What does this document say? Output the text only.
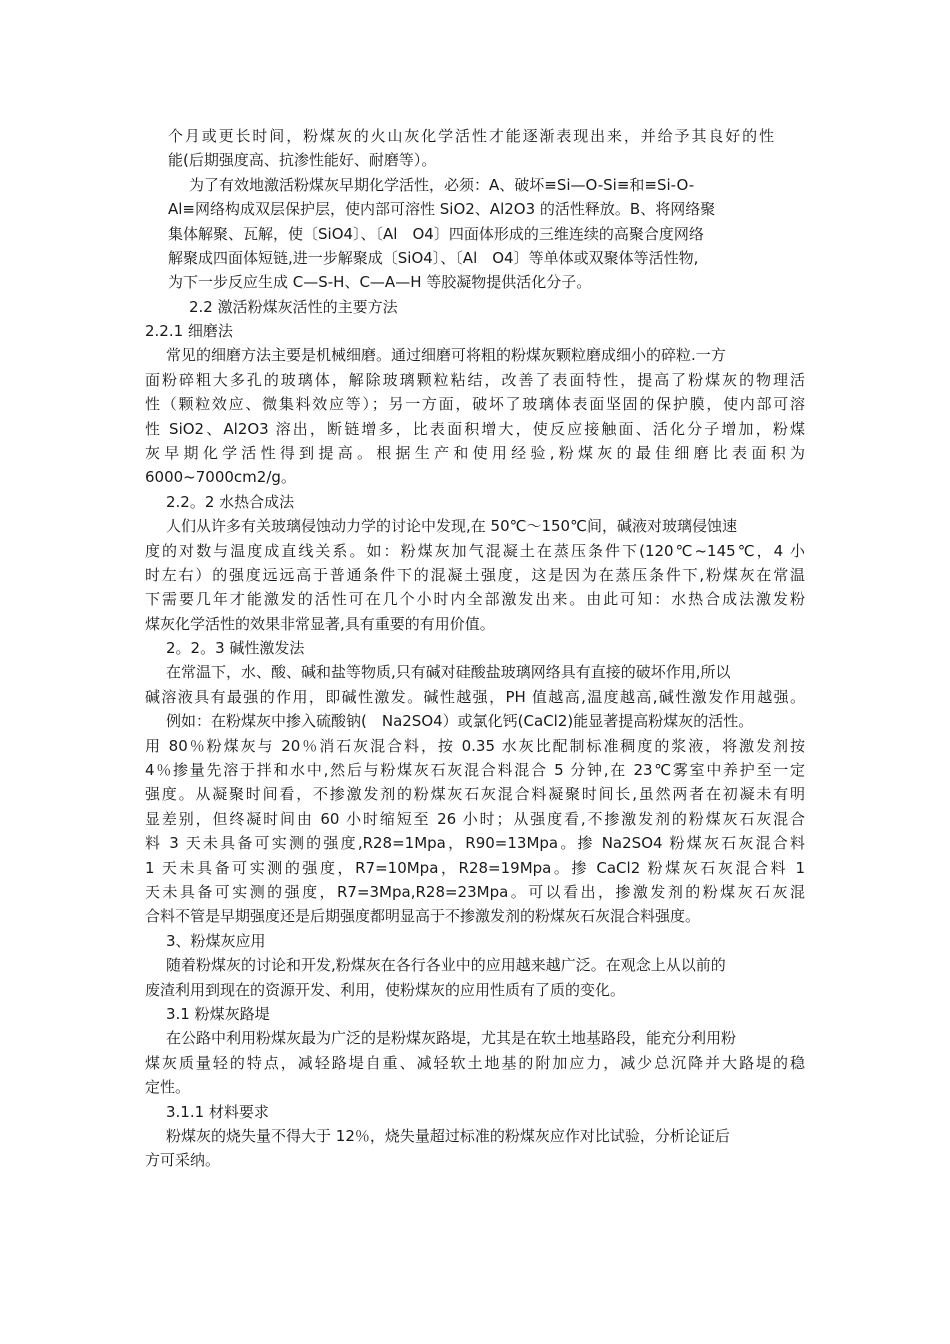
个月或更长时间，粉煤灰的火山灰化学活性才能逐渐表现出来，并给予其良好的性
能(后期强度高、抗渗性能好、耐磨等）。
为了有效地激活粉煤灰早期化学活性，必须：A、破坏≡Si—O-Si≡和≡Si-O-
Al≡网络构成双层保护层，使内部可溶性 SiO2、Al2O3 的活性释放。B、将网络聚
集体解聚、瓦解，使〔SiO4〕、〔Al　O4〕四面体形成的三维连续的高聚合度网络
解聚成四面体短链,进一步解聚成〔SiO4〕、〔Al　O4〕等单体或双聚体等活性物,
为下一步反应生成 C—S-H、C—A—H 等胶凝物提供活化分子。
2.2 激活粉煤灰活性的主要方法
2.2.1 细磨法
常见的细磨方法主要是机械细磨。通过细磨可将粗的粉煤灰颗粒磨成细小的碎粒.一方
面粉碎粗大多孔的玻璃体，解除玻璃颗粒粘结，改善了表面特性，提高了粉煤灰的物理活
性（颗粒效应、微集料效应等）；另一方面，破坏了玻璃体表面坚固的保护膜，使内部可溶
性 SiO2、Al2O3 溶出，断链增多，比表面积增大，使反应接触面、活化分子增加，粉煤
灰早期化学活性得到提高。根据生产和使用经验,粉煤灰的最佳细磨比表面积为
6000~7000cm2/g。
2.2。2 水热合成法
人们从许多有关玻璃侵蚀动力学的讨论中发现,在 50℃～150℃间，碱液对玻璃侵蚀速
度的对数与温度成直线关系。如：粉煤灰加气混凝土在蒸压条件下(120℃~145℃，4 小
时左右）的强度远远高于普通条件下的混凝土强度，这是因为在蒸压条件下,粉煤灰在常温
下需要几年才能激发的活性可在几个小时内全部激发出来。由此可知：水热合成法激发粉
煤灰化学活性的效果非常显著,具有重要的有用价值。
2。2。3 碱性激发法
在常温下，水、酸、碱和盐等物质,只有碱对硅酸盐玻璃网络具有直接的破坏作用,所以
碱溶液具有最强的作用，即碱性激发。碱性越强，PH 值越高,温度越高,碱性激发作用越强。
例如：在粉煤灰中掺入硫酸钠(　Na2SO4）或氯化钙(CaCl2)能显著提高粉煤灰的活性。
用 80％粉煤灰与 20％消石灰混合料，按 0.35 水灰比配制标准稠度的浆液，将激发剂按
4％掺量先溶于拌和水中,然后与粉煤灰石灰混合料混合 5 分钟,在 23℃雾室中养护至一定
强度。从凝聚时间看，不掺激发剂的粉煤灰石灰混合料凝聚时间长,虽然两者在初凝未有明
显差别，但终凝时间由 60 小时缩短至 26 小时；从强度看,不掺激发剂的粉煤灰石灰混合
料 3 天未具备可实测的强度,R28=1Mpa，R90=13Mpa。掺 Na2SO4 粉煤灰石灰混合料
1 天未具备可实测的强度，R7=10Mpa，R28=19Mpa。掺 CaCl2 粉煤灰石灰混合料 1
天未具备可实测的强度，R7=3Mpa,R28=23Mpa。可以看出，掺激发剂的粉煤灰石灰混
合料不管是早期强度还是后期强度都明显高于不掺激发剂的粉煤灰石灰混合料强度。
3、粉煤灰应用
随着粉煤灰的讨论和开发,粉煤灰在各行各业中的应用越来越广泛。在观念上从以前的
废渣利用到现在的资源开发、利用，使粉煤灰的应用性质有了质的变化。
3.1 粉煤灰路堤
在公路中利用粉煤灰最为广泛的是粉煤灰路堤，尤其是在软土地基路段，能充分利用粉
煤灰质量轻的特点，减轻路堤自重、减轻软土地基的附加应力，减少总沉降并大路堤的稳
定性。
3.1.1 材料要求
粉煤灰的烧失量不得大于 12％，烧失量超过标准的粉煤灰应作对比试验，分析论证后
方可采纳。
